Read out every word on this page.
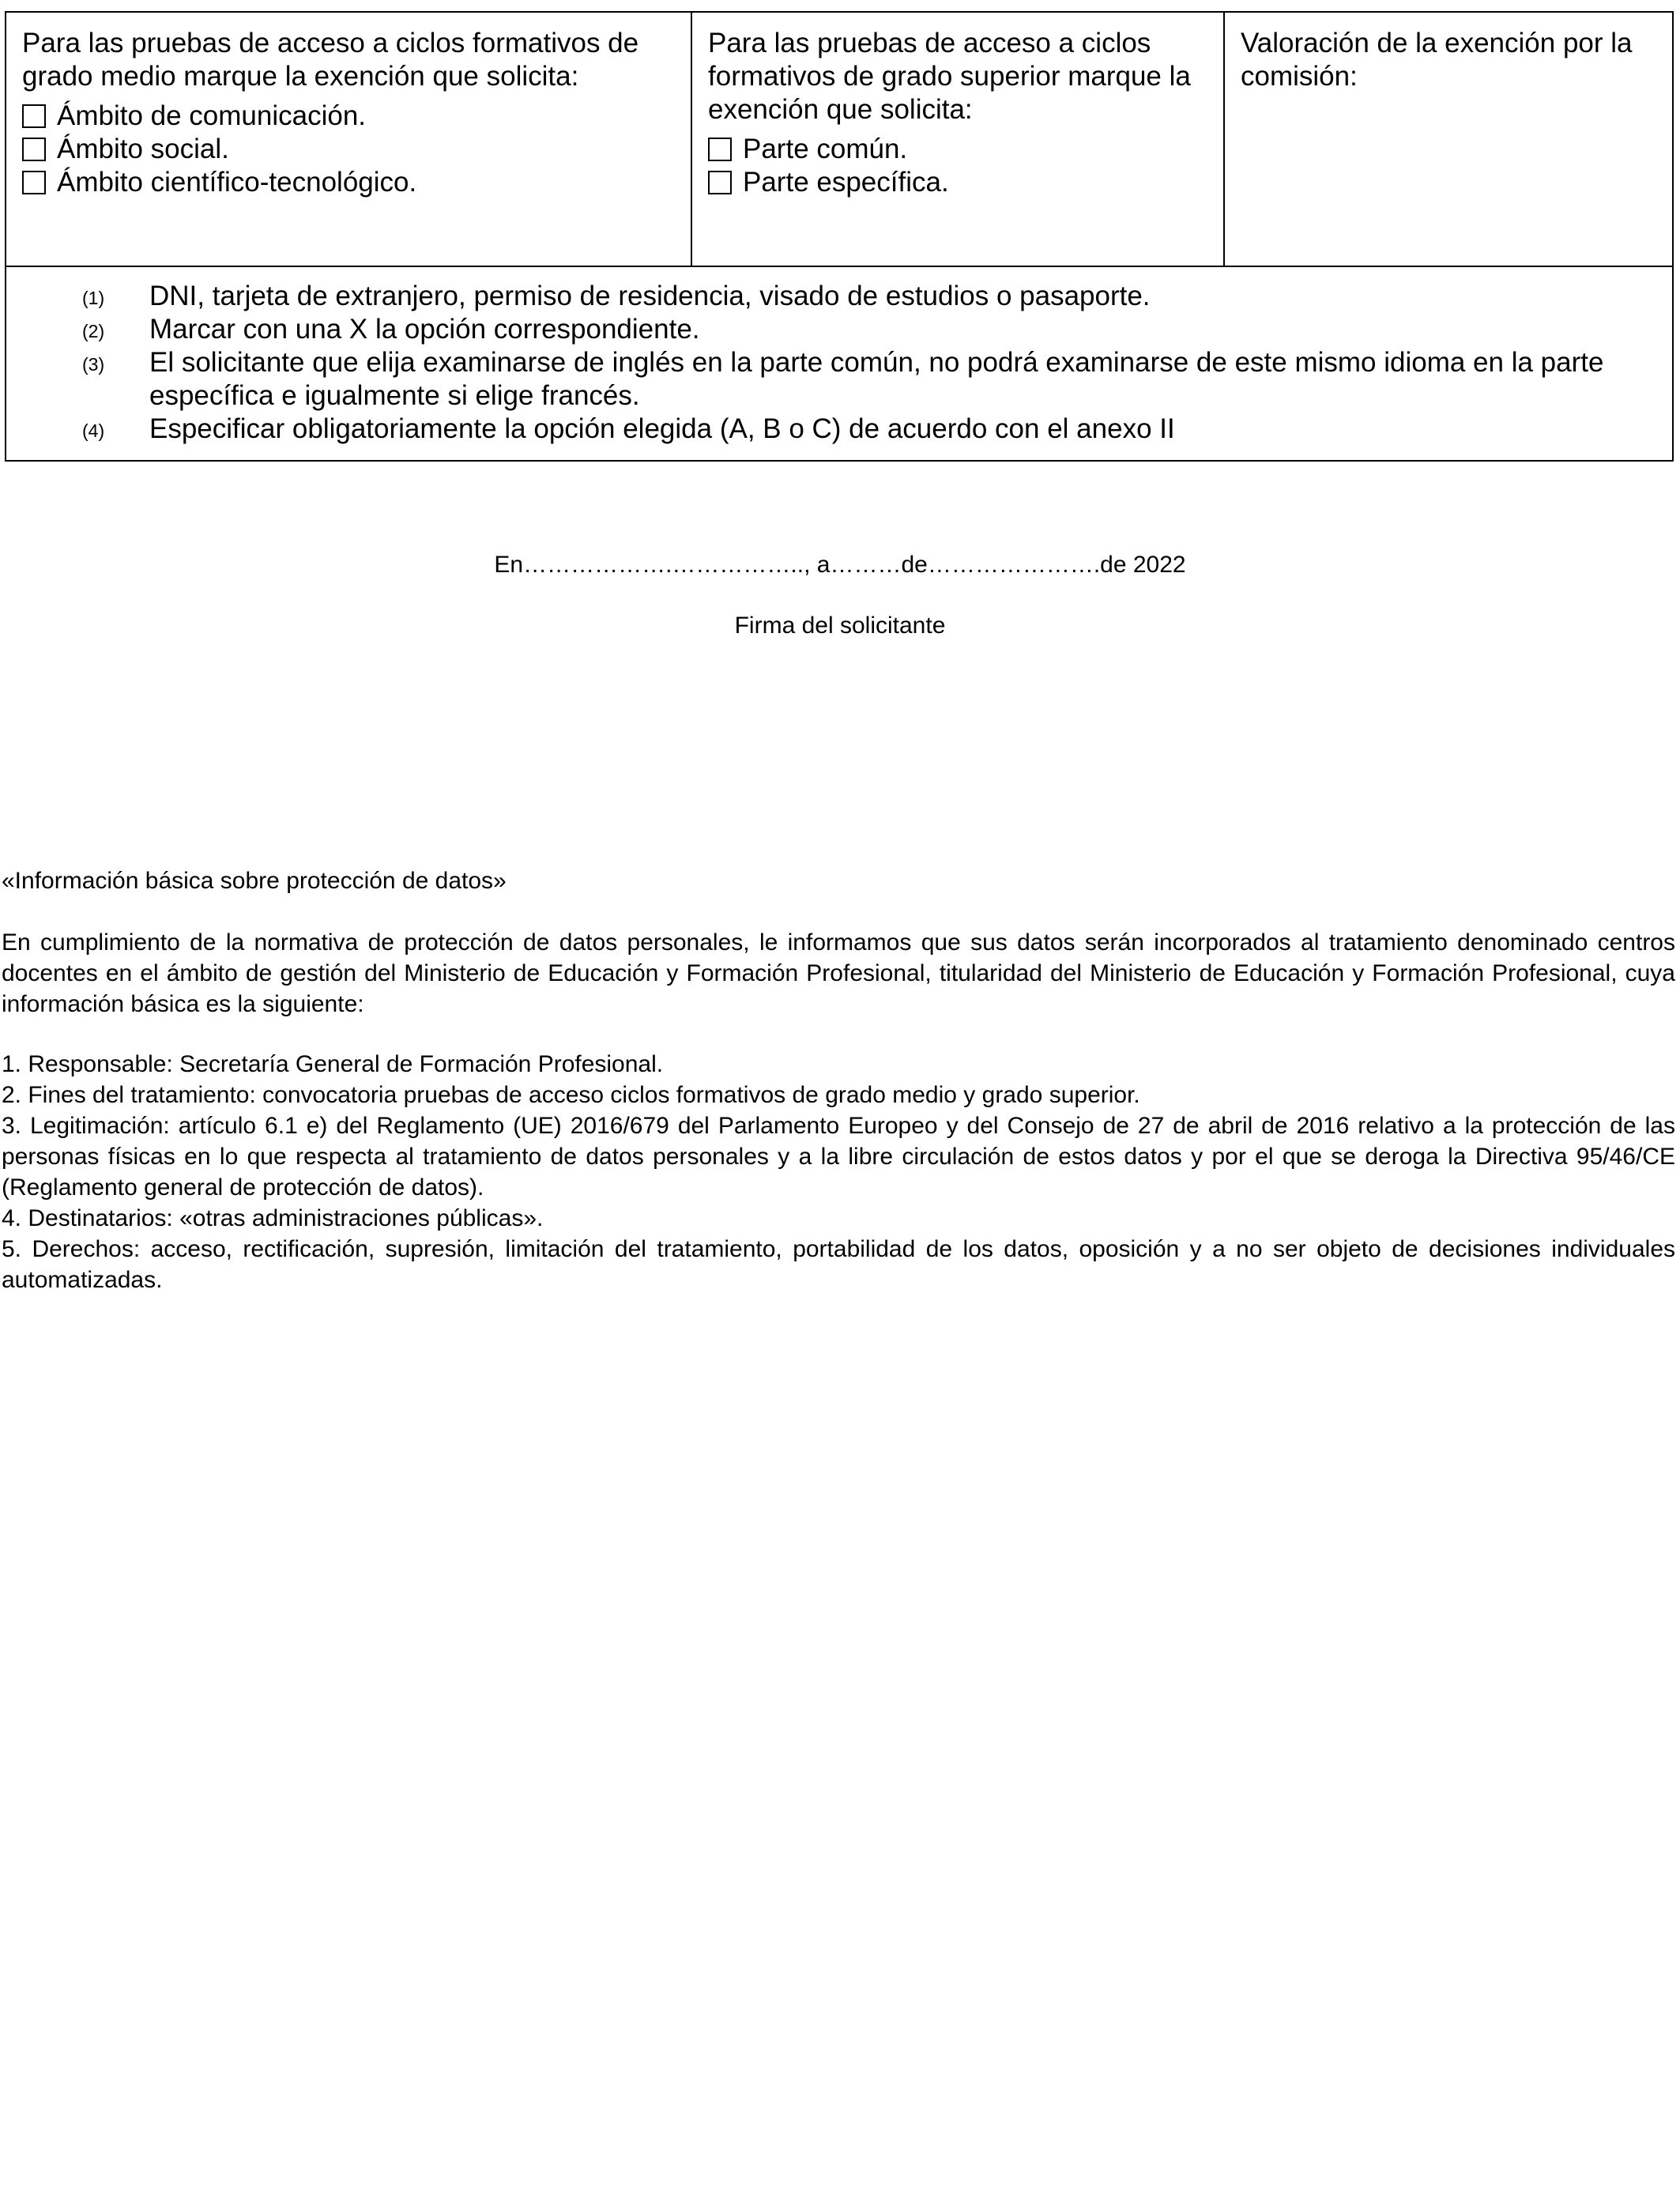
Para las pruebas de acceso a ciclos formativos de grado medio marque la exención que solicita:
Ámbito de comunicación.
Ámbito social.
Ámbito científico-tecnológico.
Para las pruebas de acceso a ciclos formativos de grado superior marque la exención que solicita:
Parte común.
Parte específica.
Valoración de la exención por la comisión:
(1) DNI, tarjeta de extranjero, permiso de residencia, visado de estudios o pasaporte.
(2) Marcar con una X la opción correspondiente.
(3) El solicitante que elija examinarse de inglés en la parte común, no podrá examinarse de este mismo idioma en la parte específica e igualmente si elige francés.
(4) Especificar obligatoriamente la opción elegida (A, B o C) de acuerdo con el anexo II
En……………….…………….., a………de………………….de 2022
Firma del solicitante
«Información básica sobre protección de datos»
En cumplimiento de la normativa de protección de datos personales, le informamos que sus datos serán incorporados al tratamiento denominado centros docentes en el ámbito de gestión del Ministerio de Educación y Formación Profesional, titularidad del Ministerio de Educación y Formación Profesional, cuya información básica es la siguiente:

1. Responsable: Secretaría General de Formación Profesional.

2. Fines del tratamiento: convocatoria pruebas de acceso ciclos formativos de grado medio y grado superior.

3. Legitimación: artículo 6.1 e) del Reglamento (UE) 2016/679 del Parlamento Europeo y del Consejo de 27 de abril de 2016 relativo a la protección de las personas físicas en lo que respecta al tratamiento de datos personales y a la libre circulación de estos datos y por el que se deroga la Directiva 95/46/CE (Reglamento general de protección de datos).

4. Destinatarios: «otras administraciones públicas».

5. Derechos: acceso, rectificación, supresión, limitación del tratamiento, portabilidad de los datos, oposición y a no ser objeto de decisiones individuales automatizadas.
